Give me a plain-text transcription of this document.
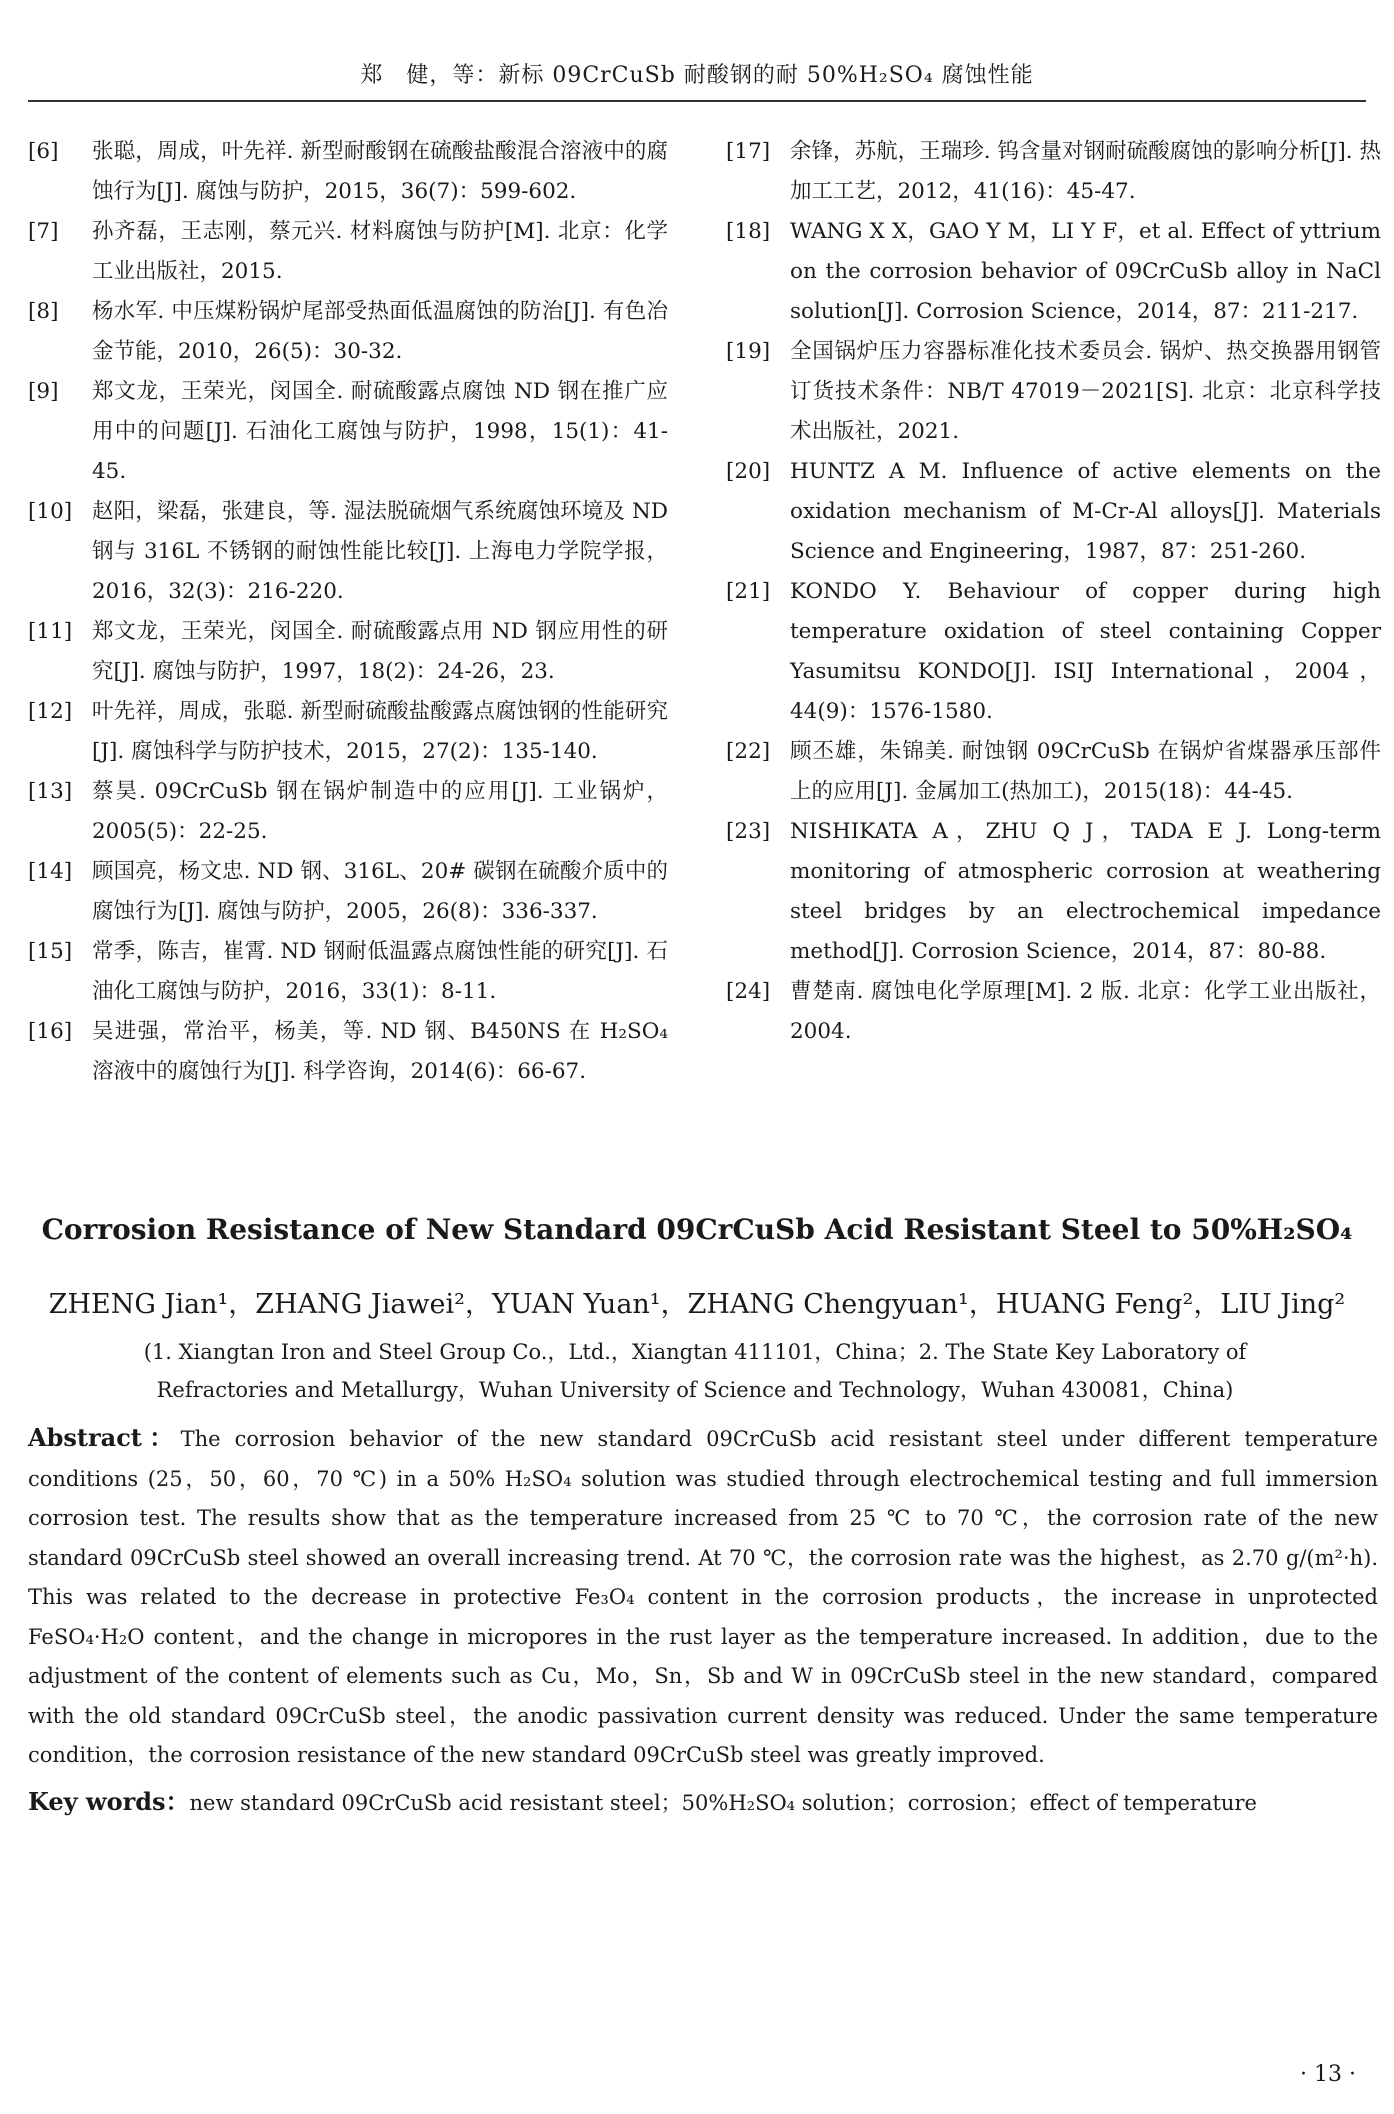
郑　健，等：新标 09CrCuSb 耐酸钢的耐 50%H₂SO₄ 腐蚀性能

[6]	张聪，周成，叶先祥. 新型耐酸钢在硫酸盐酸混合溶液中的腐蚀行为[J]. 腐蚀与防护，2015，36(7)：599-602.

[7]	孙齐磊，王志刚，蔡元兴. 材料腐蚀与防护[M]. 北京：化学工业出版社，2015.

[8]	杨水军. 中压煤粉锅炉尾部受热面低温腐蚀的防治[J]. 有色冶金节能，2010，26(5)：30-32.

[9]	郑文龙，王荣光，闵国全. 耐硫酸露点腐蚀 ND 钢在推广应用中的问题[J]. 石油化工腐蚀与防护，1998，15(1)：41-45.

[10] 赵阳，梁磊，张建良，等. 湿法脱硫烟气系统腐蚀环境及 ND 钢与 316L 不锈钢的耐蚀性能比较[J]. 上海电力学院学报，2016，32(3)：216-220.

[11] 郑文龙，王荣光，闵国全. 耐硫酸露点用 ND 钢应用性的研究[J]. 腐蚀与防护，1997，18(2)：24-26，23.

[12] 叶先祥，周成，张聪. 新型耐硫酸盐酸露点腐蚀钢的性能研究[J]. 腐蚀科学与防护技术，2015，27(2)：135-140.

[13] 蔡昊. 09CrCuSb 钢在锅炉制造中的应用[J]. 工业锅炉，2005(5)：22-25.

[14] 顾国亮，杨文忠. ND 钢、316L、20# 碳钢在硫酸介质中的腐蚀行为[J]. 腐蚀与防护，2005，26(8)：336-337.

[15] 常季，陈吉，崔霄. ND 钢耐低温露点腐蚀性能的研究[J]. 石油化工腐蚀与防护，2016，33(1)：8-11.

[16] 吴进强，常治平，杨美，等. ND 钢、B450NS 在 H₂SO₄ 溶液中的腐蚀行为[J]. 科学咨询，2014(6)：66-67.

[17] 余锋，苏航，王瑞珍. 钨含量对钢耐硫酸腐蚀的影响分析[J]. 热加工工艺，2012，41(16)：45-47.

[18] WANG X X，GAO Y M，LI Y F，et al. Effect of yttrium on the corrosion behavior of 09CrCuSb alloy in NaCl solution[J]. Corrosion Science，2014，87：211-217.

[19] 全国锅炉压力容器标准化技术委员会. 锅炉、热交换器用钢管订货技术条件：NB/T 47019－2021[S]. 北京：北京科学技术出版社，2021.

[20] HUNTZ A M. Influence of active elements on the oxidation mechanism of M-Cr-Al alloys[J]. Materials Science and Engineering，1987，87：251-260.

[21] KONDO Y. Behaviour of copper during high temperature oxidation of steel containing Copper Yasumitsu KONDO[J]. ISIJ International，2004，44(9)：1576-1580.

[22] 顾丕雄，朱锦美. 耐蚀钢 09CrCuSb 在锅炉省煤器承压部件上的应用[J]. 金属加工(热加工)，2015(18)：44-45.

[23] NISHIKATA A，ZHU Q J，TADA E J. Long-term monitoring of atmospheric corrosion at weathering steel bridges by an electrochemical impedance method[J]. Corrosion Science，2014，87：80-88.

[24] 曹楚南. 腐蚀电化学原理[M]. 2 版. 北京：化学工业出版社，2004.

Corrosion Resistance of New Standard 09CrCuSb Acid Resistant Steel to 50%H₂SO₄
ZHENG Jian¹，ZHANG Jiawei²，YUAN Yuan¹，ZHANG Chengyuan¹，HUANG Feng²，LIU Jing²
(1. Xiangtan Iron and Steel Group Co.，Ltd.，Xiangtan 411101，China；2. The State Key Laboratory of Refractories and Metallurgy，Wuhan University of Science and Technology，Wuhan 430081，China)

Abstract：The corrosion behavior of the new standard 09CrCuSb acid resistant steel under different temperature conditions (25，50，60，70 ℃) in a 50% H₂SO₄ solution was studied through electrochemical testing and full immersion corrosion test. The results show that as the temperature increased from 25 ℃ to 70 ℃，the corrosion rate of the new standard 09CrCuSb steel showed an overall increasing trend. At 70 ℃，the corrosion rate was the highest，as 2.70 g/(m²·h). This was related to the decrease in protective Fe₃O₄ content in the corrosion products，the increase in unprotected FeSO₄·H₂O content，and the change in micropores in the rust layer as the temperature increased. In addition，due to the adjustment of the content of elements such as Cu，Mo，Sn，Sb and W in 09CrCuSb steel in the new standard，compared with the old standard 09CrCuSb steel，the anodic passivation current density was reduced. Under the same temperature condition，the corrosion resistance of the new standard 09CrCuSb steel was greatly improved.

Key words：new standard 09CrCuSb acid resistant steel；50%H₂SO₄ solution；corrosion；effect of temperature

· 13 ·
